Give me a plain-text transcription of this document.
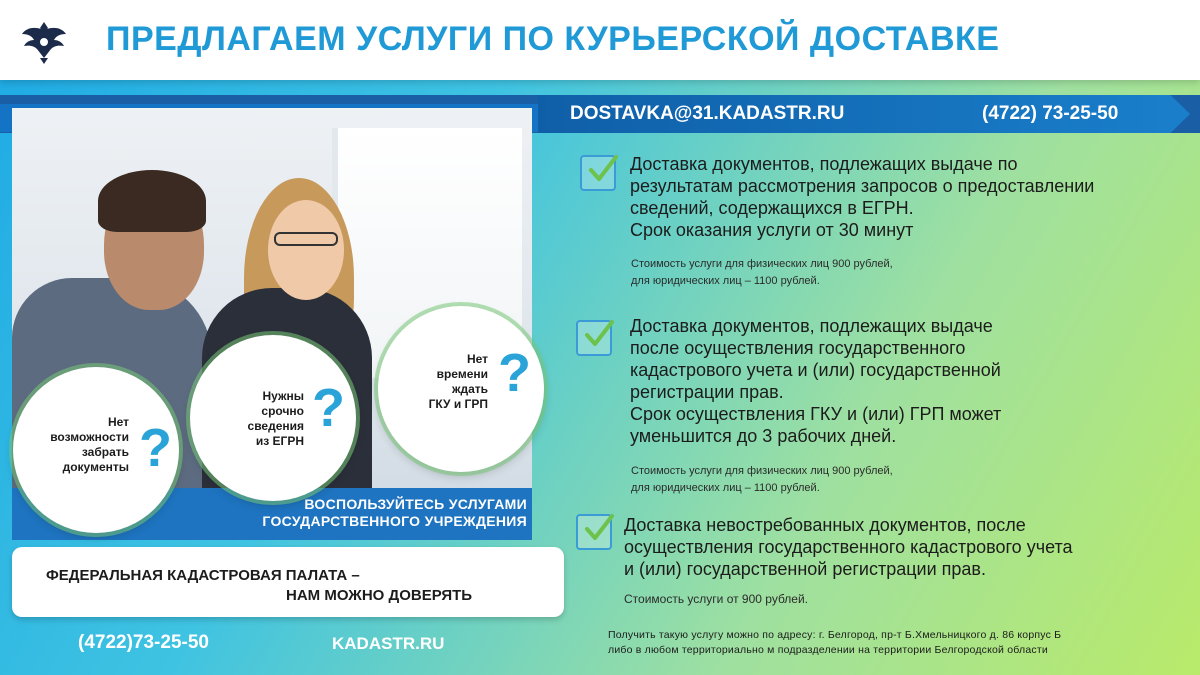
ПРЕДЛАГАЕМ УСЛУГИ ПО КУРЬЕРСКОЙ ДОСТАВКЕ
DOSTAVKA@31.KADASTR.RU	(4722) 73-25-50
ВОСПОЛЬЗУЙТЕСЬ УСЛУГАМИ
ГОСУДАРСТВЕННОГО УЧРЕЖДЕНИЯ
Нет
возможности
забрать
документы ?
Нужны
срочно
сведения
из ЕГРН
?
Нет
времени
ждать
ГКУ и ГРП
?
ФЕДЕРАЛЬНАЯ КАДАСТРОВАЯ ПАЛАТА –
НАМ МОЖНО ДОВЕРЯТЬ
(4722)73-25-50	KADASTR.RU
Доставка документов, подлежащих выдаче по
результатам рассмотрения запросов о предоставлении
сведений, содержащихся в ЕГРН.
Срок оказания услуги от 30 минут
Стоимость услуги для физических лиц 900 рублей,
для юридических лиц – 1100 рублей.
Доставка документов, подлежащих выдаче
после осуществления государственного
кадастрового учета и (или) государственной
регистрации прав.
Срок осуществления ГКУ и (или) ГРП может
уменьшится до 3 рабочих дней.
Стоимость услуги для физических лиц 900 рублей,
для юридических лиц – 1100 рублей.
Доставка невостребованных документов, после
осуществления государственного кадастрового учета
и (или) государственной регистрации прав.
Стоимость услуги от 900 рублей.
Получить такую услугу можно по адресу: г. Белгород, пр-т Б.Хмельницкого д. 86 корпус Б
либо в любом территориально м подразделении на территории Белгородской области
